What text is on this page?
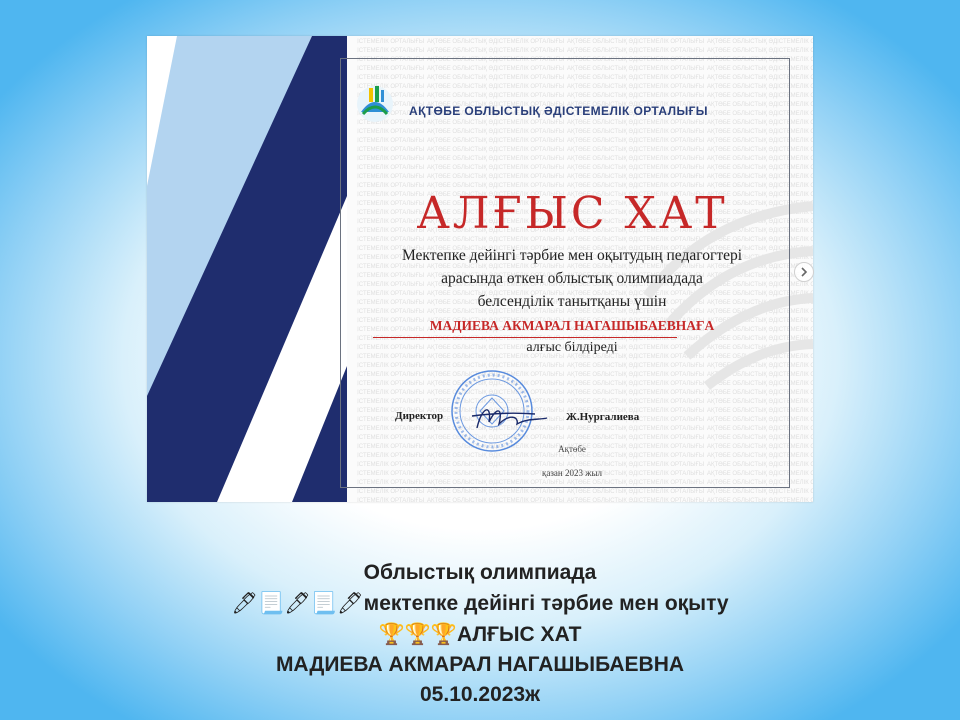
АҚТӨБЕ ОБЛЫСТЫҚ ӘДІСТЕМЕЛІК ОРТАЛЫҒЫ
АЛҒЫС ХАТ
Мектепке дейінгі тәрбие мен оқытудың педагогтері
арасында өткен облыстық олимпиадада
белсенділік танытқаны үшін
МАДИЕВА АКМАРАЛ НАГАШЫБАЕВНАҒА
алғыс білдіреді
Директор	Ж.Нургалиева
Ақтөбе
қазан 2023 жыл
Облыстық олимпиада
🖊📃🖊📃🖊мектепке дейінгі тәрбие мен оқыту
🏆🏆🏆АЛҒЫС ХАТ
МАДИЕВА АКМАРАЛ НАГАШЫБАЕВНА
05.10.2023ж
